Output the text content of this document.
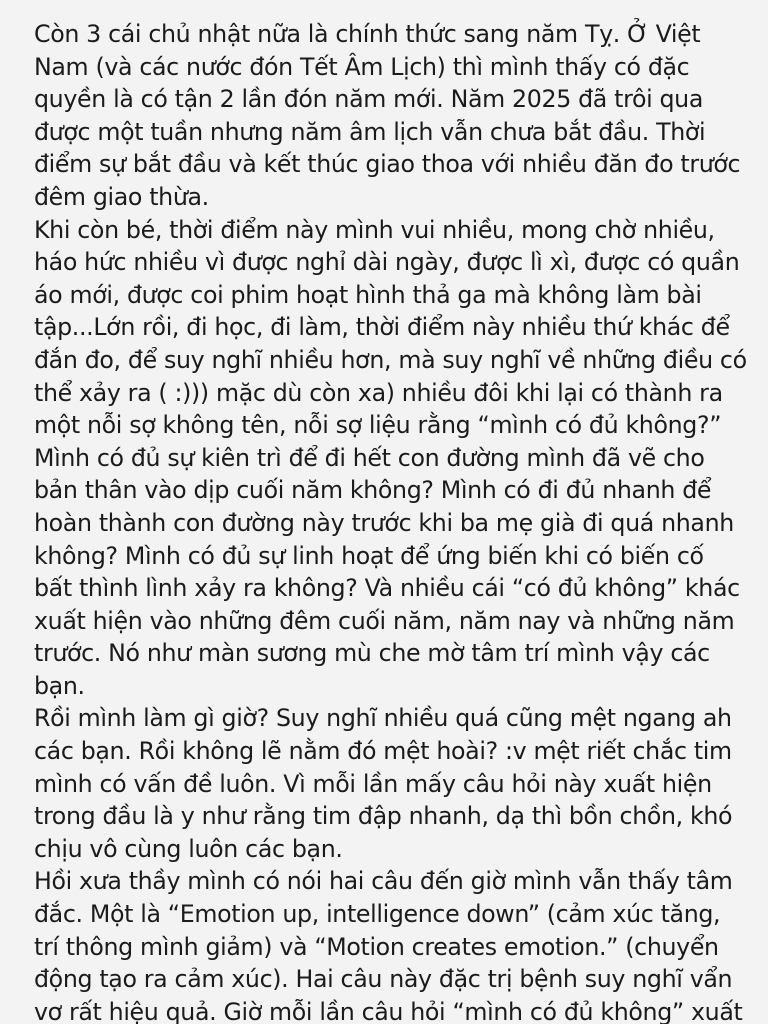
Còn 3 cái chủ nhật nữa là chính thức sang năm Tỵ. Ở Việt
Nam (và các nước đón Tết Âm Lịch) thì mình thấy có đặc
quyền là có tận 2 lần đón năm mới. Năm 2025 đã trôi qua
được một tuần nhưng năm âm lịch vẫn chưa bắt đầu. Thời
điểm sự bắt đầu và kết thúc giao thoa với nhiều đăn đo trước
đêm giao thừa.
Khi còn bé, thời điểm này mình vui nhiều, mong chờ nhiều,
háo hức nhiều vì được nghỉ dài ngày, được lì xì, được có quần
áo mới, được coi phim hoạt hình thả ga mà không làm bài
tập...Lớn rồi, đi học, đi làm, thời điểm này nhiều thứ khác để
đắn đo, để suy nghĩ nhiều hơn, mà suy nghĩ về những điều có
thể xảy ra ( :))) mặc dù còn xa) nhiều đôi khi lại có thành ra
một nỗi sợ không tên, nỗi sợ liệu rằng “mình có đủ không?”
Mình có đủ sự kiên trì để đi hết con đường mình đã vẽ cho
bản thân vào dịp cuối năm không? Mình có đi đủ nhanh để
hoàn thành con đường này trước khi ba mẹ già đi quá nhanh
không? Mình có đủ sự linh hoạt để ứng biến khi có biến cố
bất thình lình xảy ra không? Và nhiều cái “có đủ không” khác
xuất hiện vào những đêm cuối năm, năm nay và những năm
trước. Nó như màn sương mù che mờ tâm trí mình vậy các
bạn.
Rồi mình làm gì giờ? Suy nghĩ nhiều quá cũng mệt ngang ah
các bạn. Rồi không lẽ nằm đó mệt hoài? :v mệt riết chắc tim
mình có vấn đề luôn. Vì mỗi lần mấy câu hỏi này xuất hiện
trong đầu là y như rằng tim đập nhanh, dạ thì bồn chồn, khó
chịu vô cùng luôn các bạn.
Hồi xưa thầy mình có nói hai câu đến giờ mình vẫn thấy tâm
đắc. Một là “Emotion up, intelligence down” (cảm xúc tăng,
trí thông mình giảm) và “Motion creates emotion.” (chuyển
động tạo ra cảm xúc). Hai câu này đặc trị bệnh suy nghĩ vẩn
vơ rất hiệu quả. Giờ mỗi lần câu hỏi “mình có đủ không” xuất
